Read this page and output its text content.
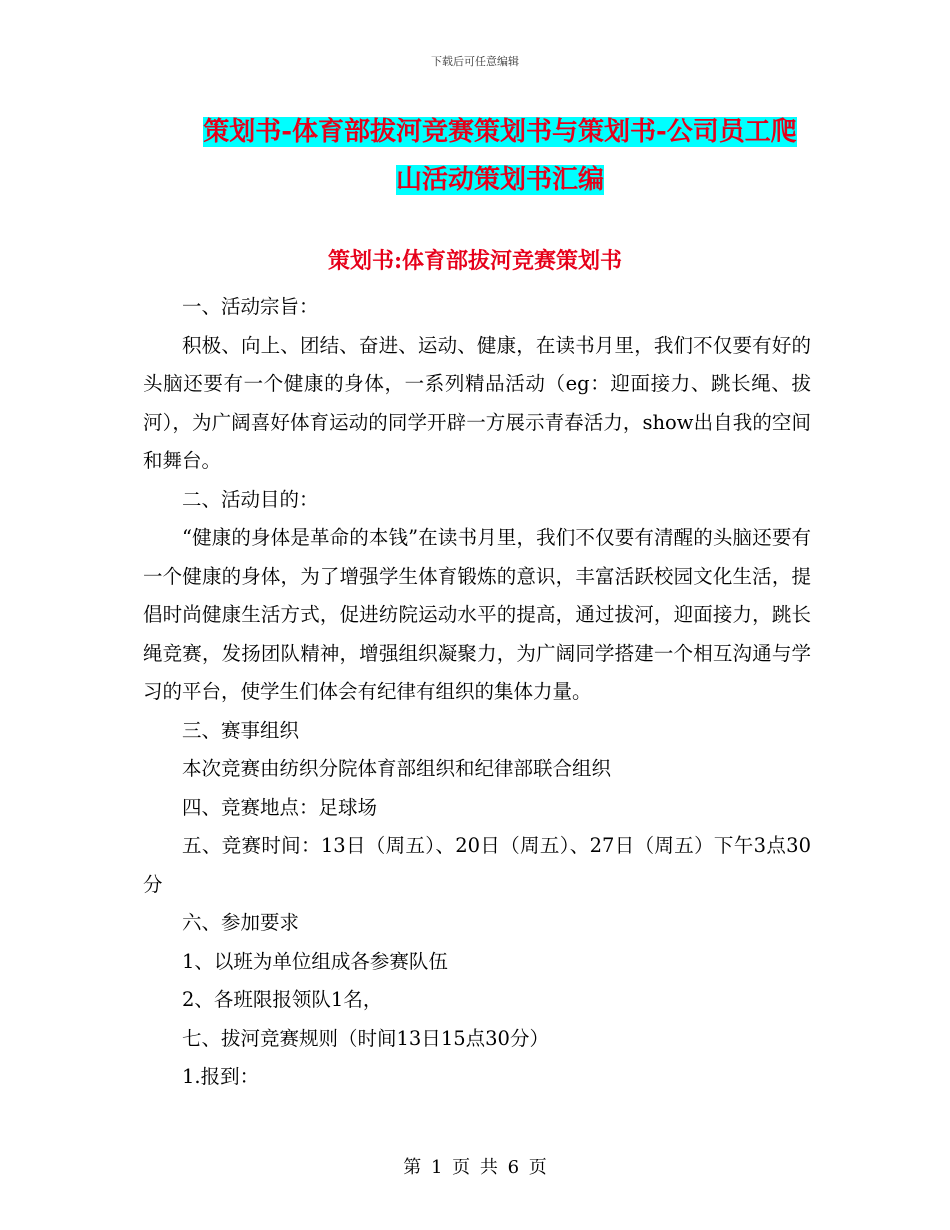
下载后可任意编辑
策划书-体育部拔河竞赛策划书与策划书-公司员工爬
山活动策划书汇编
策划书:体育部拔河竞赛策划书

一、活动宗旨：

积极、向上、团结、奋进、运动、健康，在读书月里，我们不仅要有好的头脑还要有一个健康的身体，一系列精品活动（eg：迎面接力、跳长绳、拔河），为广阔喜好体育运动的同学开辟一方展示青春活力，show出自我的空间和舞台。

二、活动目的：

“健康的身体是革命的本钱”在读书月里，我们不仅要有清醒的头脑还要有一个健康的身体，为了增强学生体育锻炼的意识，丰富活跃校园文化生活，提倡时尚健康生活方式，促进纺院运动水平的提高，通过拔河，迎面接力，跳长绳竞赛，发扬团队精神，增强组织凝聚力，为广阔同学搭建一个相互沟通与学习的平台，使学生们体会有纪律有组织的集体力量。

三、赛事组织

本次竞赛由纺织分院体育部组织和纪律部联合组织

四、竞赛地点：足球场

五、竞赛时间：13日（周五）、20日（周五）、27日（周五）下午3点30分

六、参加要求

1、以班为单位组成各参赛队伍

2、各班限报领队1名，

七、拔河竞赛规则（时间13日15点30分）

1.报到：

第 1 页 共 6 页
